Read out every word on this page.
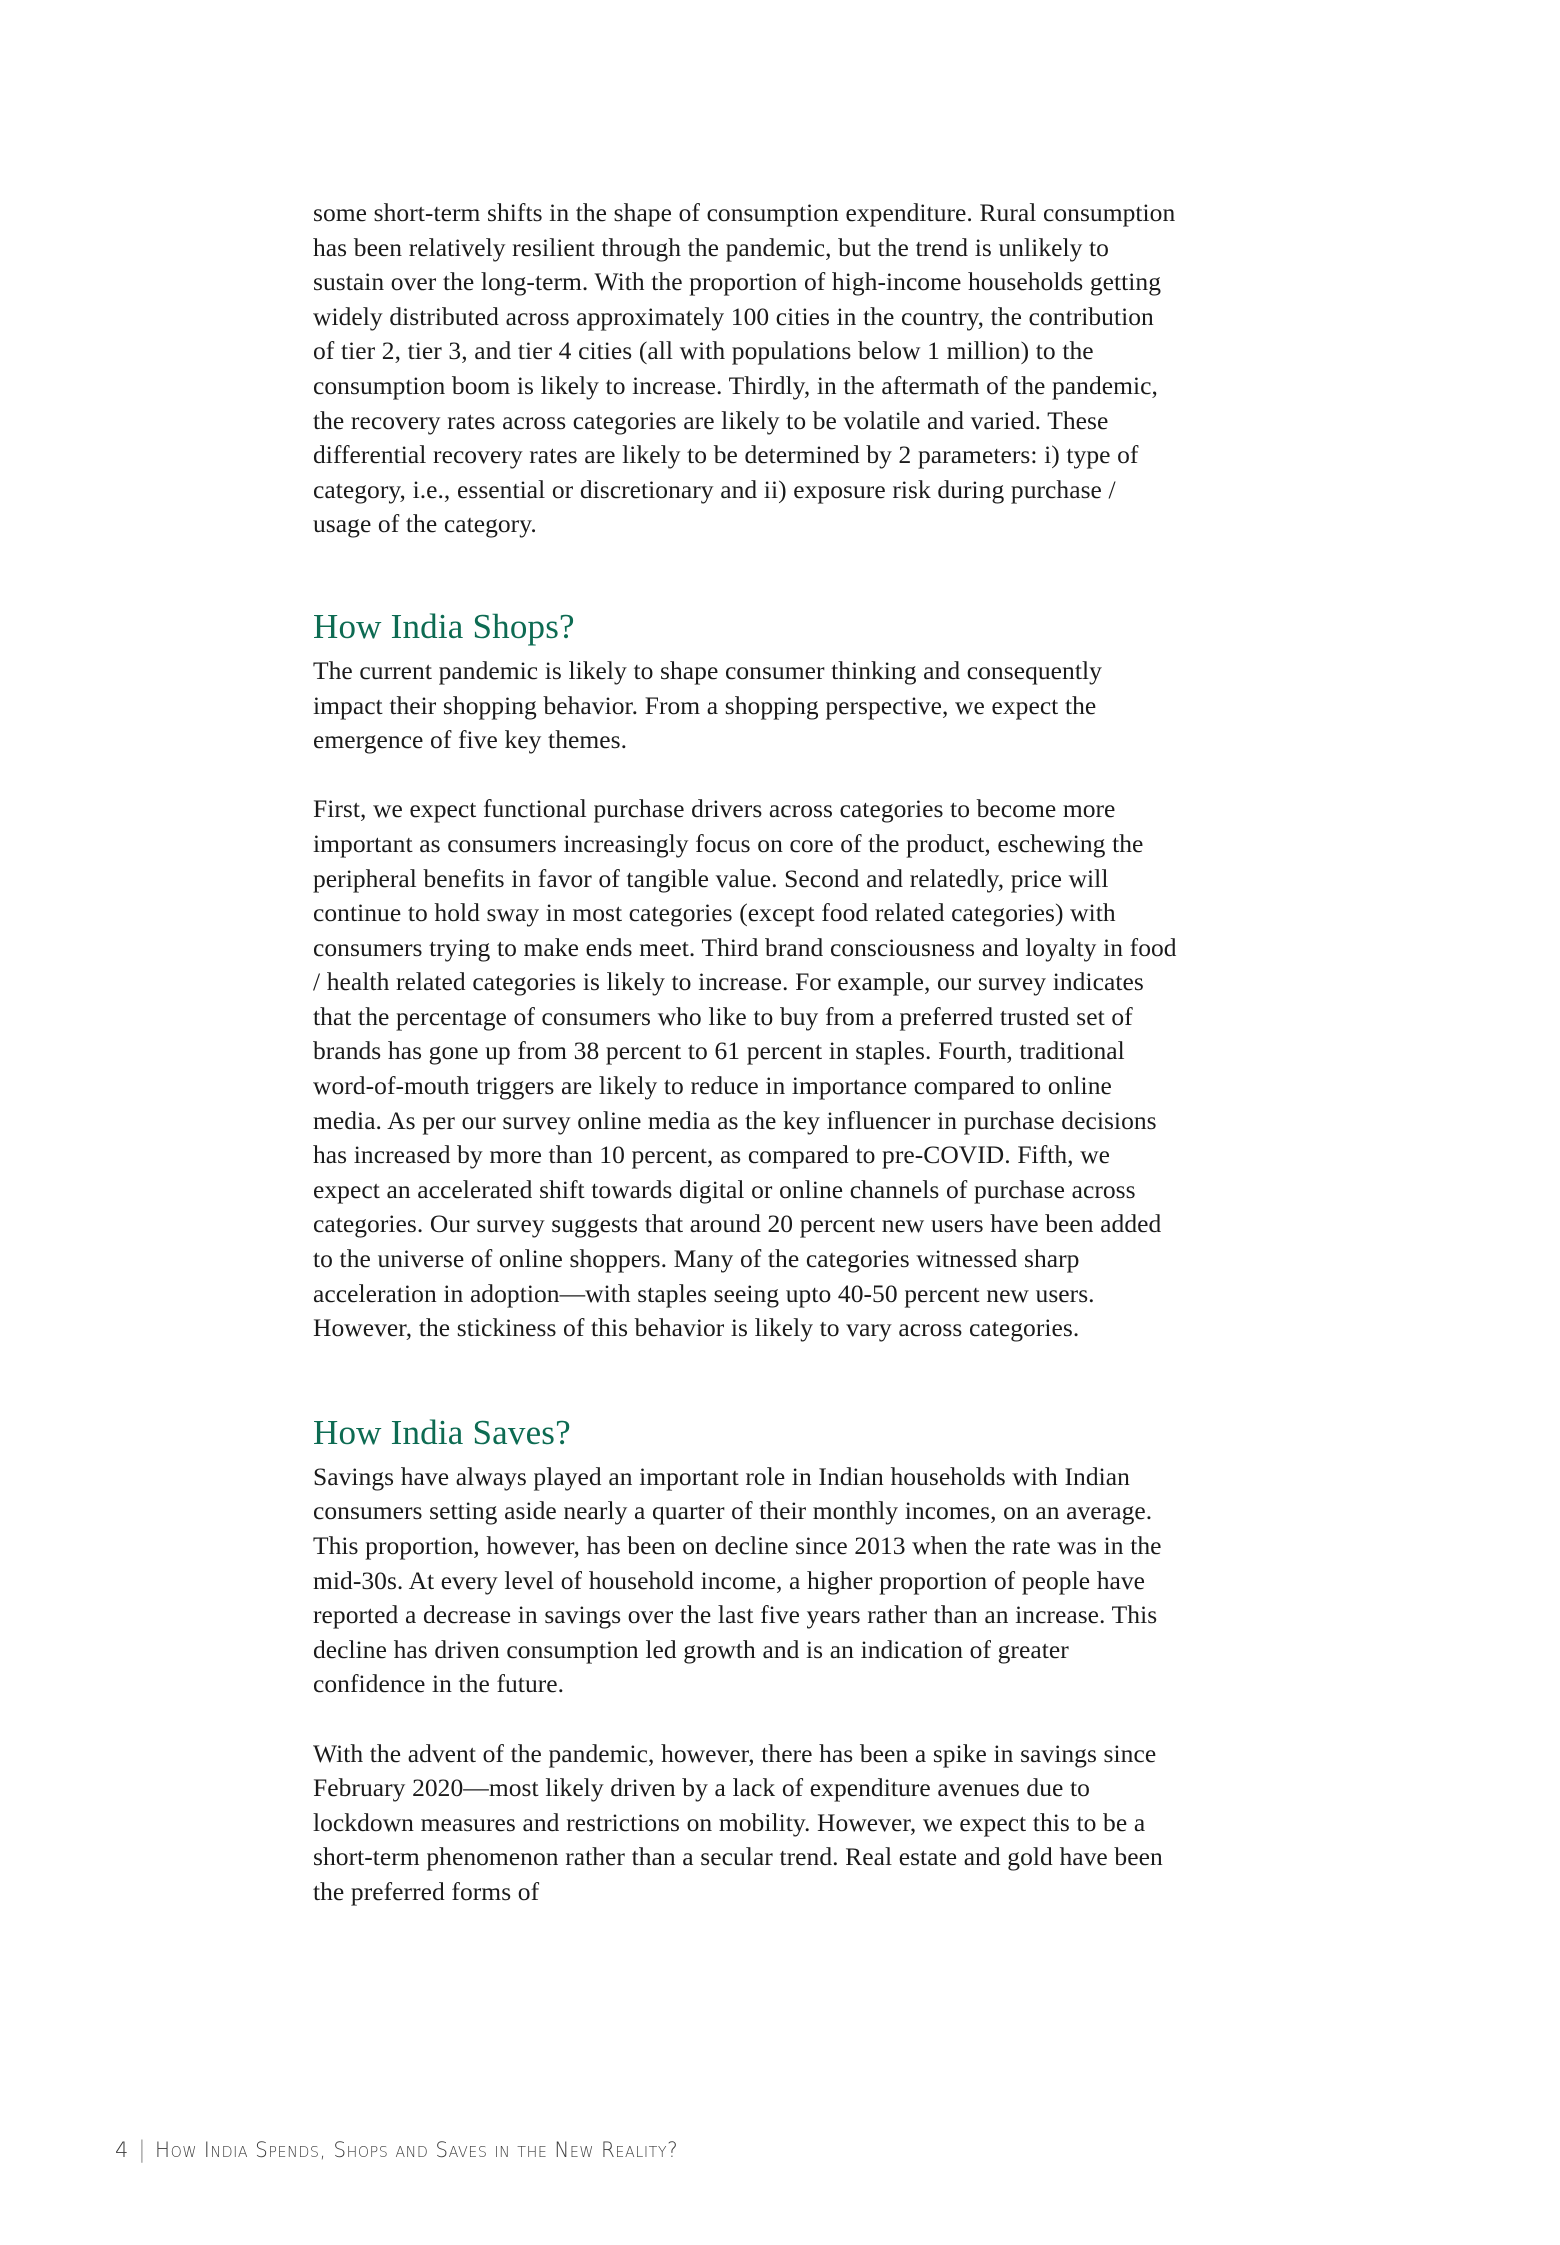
some short-term shifts in the shape of consumption expenditure. Rural consumption has been relatively resilient through the pandemic, but the trend is unlikely to sustain over the long-term. With the proportion of high-income households getting widely distributed across approximately 100 cities in the country, the contribution of tier 2, tier 3, and tier 4 cities (all with populations below 1 million) to the consumption boom is likely to increase. Thirdly, in the aftermath of the pandemic, the recovery rates across categories are likely to be volatile and varied. These differential recovery rates are likely to be determined by 2 parameters: i) type of category, i.e., essential or discretionary and ii) exposure risk during purchase / usage of the category.

How India Shops?

The current pandemic is likely to shape consumer thinking and consequently impact their shopping behavior. From a shopping perspective, we expect the emergence of five key themes.

First, we expect functional purchase drivers across categories to become more important as consumers increasingly focus on core of the product, eschewing the peripheral benefits in favor of tangible value. Second and relatedly, price will continue to hold sway in most categories (except food related categories) with consumers trying to make ends meet. Third brand consciousness and loyalty in food / health related categories is likely to increase. For example, our survey indicates that the percentage of consumers who like to buy from a preferred trusted set of brands has gone up from 38 percent to 61 percent in staples. Fourth, traditional word-of-mouth triggers are likely to reduce in importance compared to online media. As per our survey online media as the key influencer in purchase decisions has increased by more than 10 percent, as compared to pre-COVID. Fifth, we expect an accelerated shift towards digital or online channels of purchase across categories. Our survey suggests that around 20 percent new users have been added to the universe of online shoppers. Many of the categories witnessed sharp acceleration in adoption—with staples seeing upto 40-50 percent new users. However, the stickiness of this behavior is likely to vary across categories.

How India Saves?

Savings have always played an important role in Indian households with Indian consumers setting aside nearly a quarter of their monthly incomes, on an average. This proportion, however, has been on decline since 2013 when the rate was in the mid-30s. At every level of household income, a higher proportion of people have reported a decrease in savings over the last five years rather than an increase. This decline has driven consumption led growth and is an indication of greater confidence in the future.

With the advent of the pandemic, however, there has been a spike in savings since February 2020—most likely driven by a lack of expenditure avenues due to lockdown measures and restrictions on mobility. However, we expect this to be a short-term phenomenon rather than a secular trend. Real estate and gold have been the preferred forms of

4 | How India Spends, Shops and Saves in the New Reality?
